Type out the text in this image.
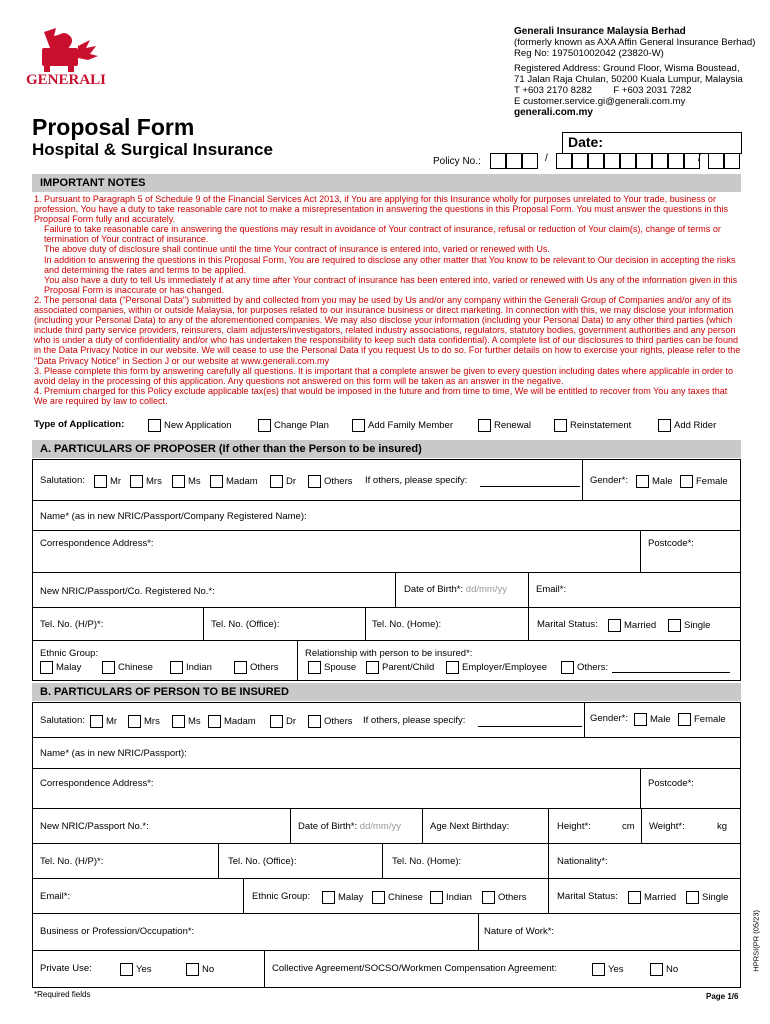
GENERALI
Generali Insurance Malaysia Berhad
(formerly known as AXA Affin General Insurance Berhad)
Reg No: 197501002042 (23820-W)
Registered Address: Ground Floor, Wisma Boustead,
71 Jalan Raja Chulan, 50200 Kuala Lumpur, Malaysia
T +603 2170 8282 F +603 2031 7282
E customer.service.gi@generali.com.my
generali.com.my
Proposal Form
Hospital & Surgical Insurance	Date:
Policy No.:	/	/
IMPORTANT NOTES

1. Pursuant to Paragraph 5 of Schedule 9 of the Financial Services Act 2013, if You are applying for this Insurance wholly for purposes unrelated to Your trade, business or profession, You have a duty to take reasonable care not to make a misrepresentation in answering the questions in this Proposal Form. You must answer the questions in this Proposal Form fully and accurately.

Failure to take reasonable care in answering the questions may result in avoidance of Your contract of insurance, refusal or reduction of Your claim(s), change of terms or termination of Your contract of insurance.

The above duty of disclosure shall continue until the time Your contract of insurance is entered into, varied or renewed with Us.

In addition to answering the questions in this Proposal Form, You are required to disclose any other matter that You know to be relevant to Our decision in accepting the risks and determining the rates and terms to be applied.

You also have a duty to tell Us immediately if at any time after Your contract of insurance has been entered into, varied or renewed with Us any of the information given in this Proposal Form is inaccurate or has changed.

2. The personal data ("Personal Data") submitted by and collected from you may be used by Us and/or any company within the Generali Group of Companies and/or any of its associated companies, within or outside Malaysia, for purposes related to our insurance business or direct marketing. In connection with this, we may disclose your information (including your Personal Data) to any of the aforementioned companies. We may also disclose your information (including your Personal Data) to any other third parties (which include third party service providers, reinsurers, claim adjusters/investigators, related industry associations, regulators, statutory bodies, government authorities and any person who is under a duty of confidentiality and/or who has undertaken the responsibility to keep such data confidential). A complete list of our disclosures to third parties can be found in the Data Privacy Notice in our website. We will cease to use the Personal Data if you request Us to do so. For further details on how to exercise your rights, please refer to the "Data Privacy Notice" in Section J or our website at www.generali.com.my

3. Please complete this form by answering carefully all questions. It is important that a complete answer be given to every question including dates where applicable in order to avoid delay in the processing of this application. Any questions not answered on this form will be taken as an answer in the negative.

4. Premium charged for this Policy exclude applicable tax(es) that would be imposed in the future and from time to time, We will be entitled to recover from You any taxes that We are required by law to collect.

Type of Application:	New Application	Change Plan	Add Family Member	Renewal	Reinstatement	Add Rider
A. PARTICULARS OF PROPOSER (If other than the Person to be insured)
Salutation:	Mr	Mrs	Ms	Madam	Dr	Others If others, please specify:	Gender*:	Male	Female
Name* (as in new NRIC/Passport/Company Registered Name):
Correspondence Address*:	Postcode*:
New NRIC/Passport/Co. Registered No.*:	Date of Birth*: dd/mm/yy	Email*:
Tel. No. (H/P)*:	Tel. No. (Office):	Tel. No. (Home):	Marital Status:	Married	Single
Ethnic Group:
Malay	Chinese	Indian	Others
Relationship with person to be insured*:
Spouse	Parent/Child	Employer/Employee	Others:
B. PARTICULARS OF PERSON TO BE INSURED
Salutation:	Mr	Mrs	Ms	Madam	Dr	Others If others, please specify:	Gender*:	Male	Female
Name* (as in new NRIC/Passport):
Correspondence Address*:	Postcode*:
New NRIC/Passport No.*:	Date of Birth*: dd/mm/yy	Age Next Birthday:	Height*:	cm Weight*:	kg
Tel. No. (H/P)*:	Tel. No. (Office):	Tel. No. (Home):	Nationality*:
Email*:	Ethnic Group:	Malay	Chinese	Indian	Others	Marital Status:	Married	Single
Business or Profession/Occupation*:	Nature of Work*:
Private Use:	Yes	No	Collective Agreement/SOCSO/Workmen Compensation Agreement:	Yes	No
*Required fields	Page 1/6
HPRSI(PR (05/23)
